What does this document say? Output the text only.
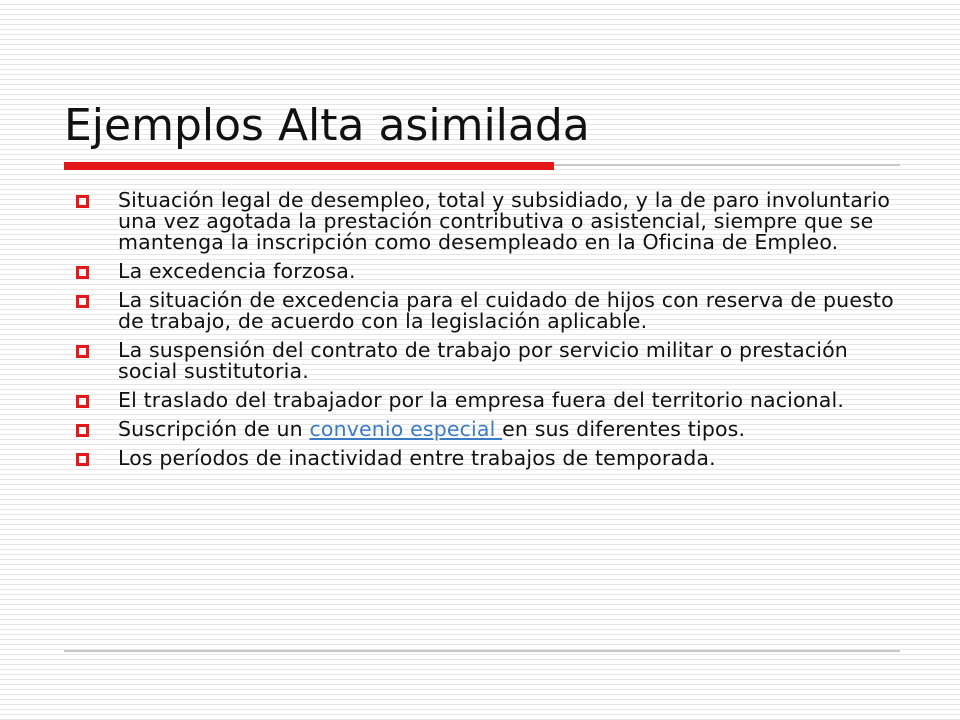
Ejemplos Alta asimilada
Situación legal de desempleo, total y subsidiado, y la de paro involuntario una vez agotada la prestación contributiva o asistencial, siempre que se mantenga la inscripción como desempleado en la Oficina de Empleo.
La excedencia forzosa.
La situación de excedencia para el cuidado de hijos con reserva de puesto de trabajo, de acuerdo con la legislación aplicable.
La suspensión del contrato de trabajo por servicio militar o prestación social sustitutoria.
El traslado del trabajador por la empresa fuera del territorio nacional.
Suscripción de un convenio especial en sus diferentes tipos.
Los períodos de inactividad entre trabajos de temporada.
